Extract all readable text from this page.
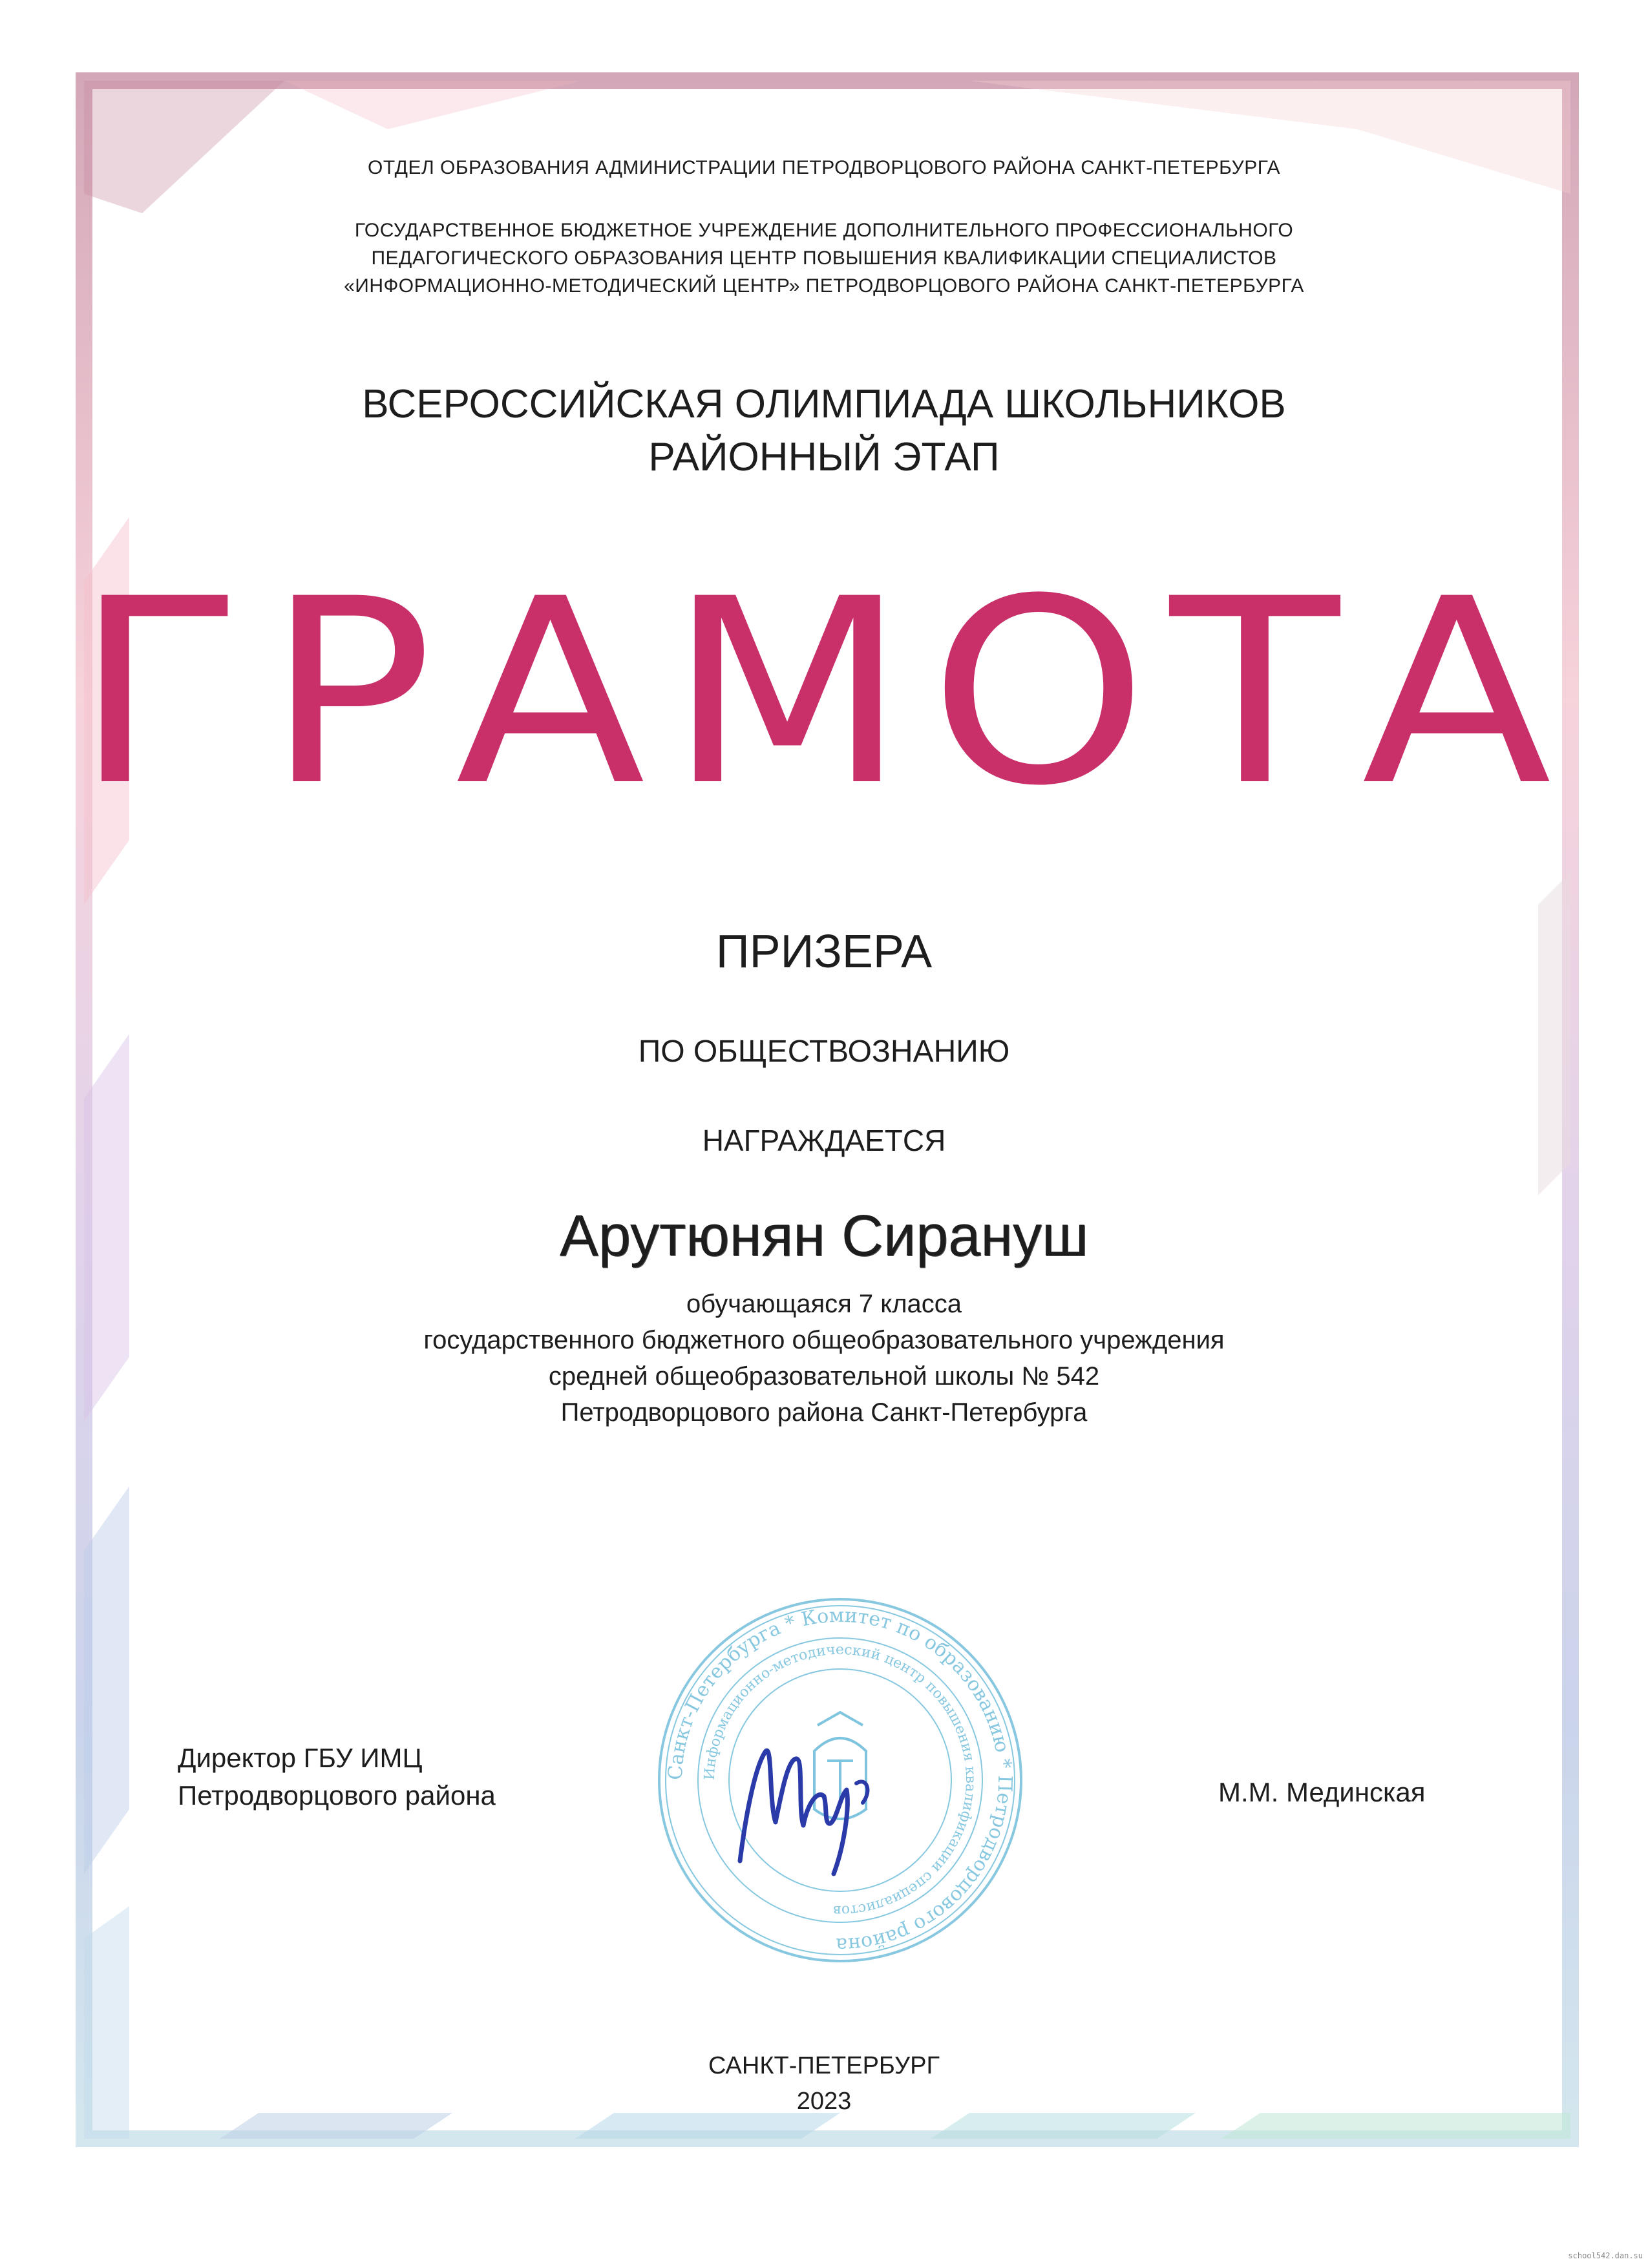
ОТДЕЛ ОБРАЗОВАНИЯ АДМИНИСТРАЦИИ ПЕТРОДВОРЦОВОГО РАЙОНА САНКТ-ПЕТЕРБУРГА

ГОСУДАРСТВЕННОЕ БЮДЖЕТНОЕ УЧРЕЖДЕНИЕ ДОПОЛНИТЕЛЬНОГО ПРОФЕССИОНАЛЬНОГО
ПЕДАГОГИЧЕСКОГО ОБРАЗОВАНИЯ ЦЕНТР ПОВЫШЕНИЯ КВАЛИФИКАЦИИ СПЕЦИАЛИСТОВ
«ИНФОРМАЦИОННО-МЕТОДИЧЕСКИЙ ЦЕНТР» ПЕТРОДВОРЦОВОГО РАЙОНА САНКТ-ПЕТЕРБУРГА
ВСЕРОССИЙСКАЯ ОЛИМПИАДА ШКОЛЬНИКОВ
РАЙОННЫЙ ЭТАП
ГРАМОТА

ПРИЗЕРА

ПО ОБЩЕСТВОЗНАНИЮ

НАГРАЖДАЕТСЯ

Арутюнян Сирануш

обучающаяся 7 класса
государственного бюджетного общеобразовательного учреждения
средней общеобразовательной школы № 542
Петродворцового района Санкт-Петербурга
Директор ГБУ ИМЦ
Петродворцового района	М.М. Мединская
Санкт-Петербурга * Комитет по образованию * Петродворцового района
Информационно-методический центр повышения квалификации специалистов
САНКТ-ПЕТЕРБУРГ
2023
school542.dan.su
